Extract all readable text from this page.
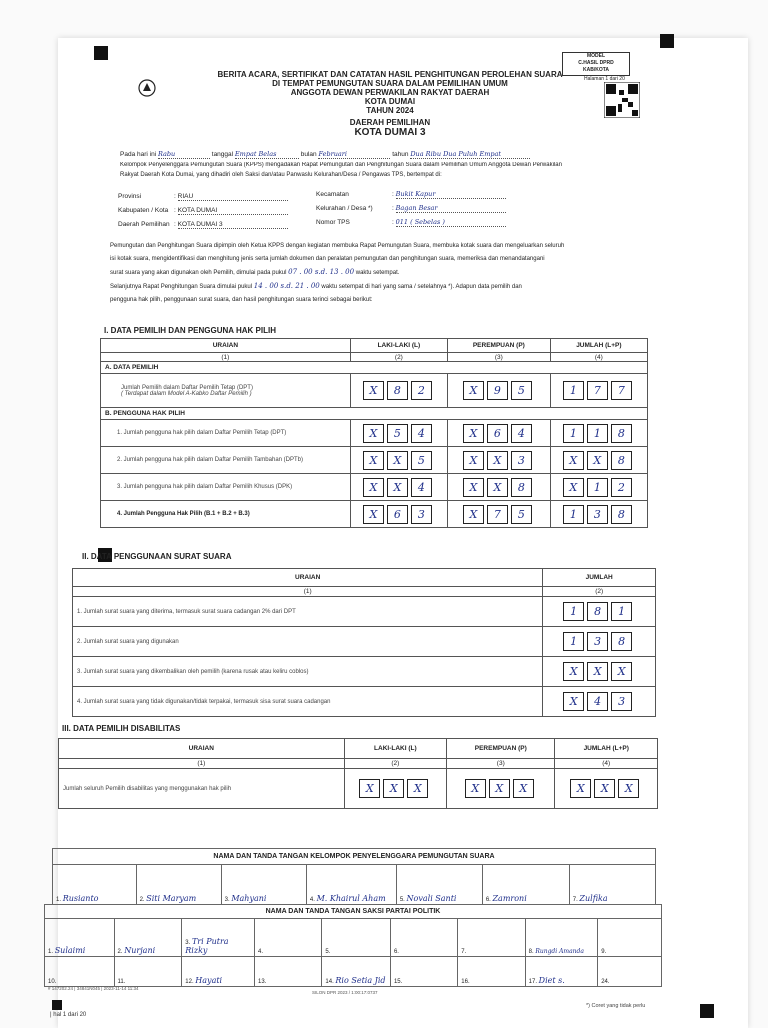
MODEL
C.HASIL DPRD
KAB/KOTA
Halaman 1 dari 20
BERITA ACARA, SERTIFIKAT DAN CATATAN HASIL PENGHITUNGAN PEROLEHAN SUARA
DI TEMPAT PEMUNGUTAN SUARA DALAM PEMILIHAN UMUM
ANGGOTA DEWAN PERWAKILAN RAKYAT DAERAH
KOTA DUMAI
TAHUN 2024
DAERAH PEMILIHAN
KOTA DUMAI 3
Pada hari ini Rabu	tanggal Empat Belas	bulan Februari	tahun Dua Ribu Dua Puluh Empat
Kelompok Penyelenggara Pemungutan Suara (KPPS) mengadakan Rapat Pemungutan dan Penghitungan Suara dalam Pemilihan Umum Anggota Dewan Perwakilan
Rakyat Daerah Kota Dumai, yang dihadiri oleh Saksi dan/atau Panwaslu Kelurahan/Desa / Pengawas TPS, bertempat di:
Provinsi	: RIAU
Kabupaten / Kota : KOTA DUMAI
Daerah Pemilihan : KOTA DUMAI 3
Kecamatan	: Bukit Kapur
Kelurahan / Desa *)	: Bagan Besar
Nomor TPS	: 011 ( Sebelas )
Pemungutan dan Penghitungan Suara dipimpin oleh Ketua KPPS dengan kegiatan membuka Rapat Pemungutan Suara, membuka kotak suara dan mengeluarkan seluruh
isi kotak suara, mengidentifikasi dan menghitung jenis serta jumlah dokumen dan peralatan pemungutan dan penghitungan suara, memeriksa dan menandatangani
surat suara yang akan digunakan oleh Pemilih, dimulai pada pukul 07 . 00 s.d. 13 . 00 waktu setempat.
Selanjutnya Rapat Penghitungan Suara dimulai pukul 14 . 00 s.d. 21 . 00 waktu setempat di hari yang sama / setelahnya *). Adapun data pemilih dan
pengguna hak pilih, penggunaan surat suara, dan hasil penghitungan suara terinci sebagai berikut:
I. DATA PEMILIH DAN PENGGUNA HAK PILIH
URAIAN	LAKI-LAKI (L)	PEREMPUAN (P)	JUMLAH (L+P)
(1)	(2)	(3)	(4)
A. DATA PEMILIH			

Jumlah Pemilih dalam Daftar Pemilih Tetap (DPT)
( Terdapat dalam Model A-Kabko Daftar Pemilih )	X 8 2	X 9 5	1 7 7
B. PENGGUNA HAK PILIH			
1. Jumlah pengguna hak pilih dalam Daftar Pemilih Tetap (DPT)	X 5 4	X 6 4	1 1 8
2. Jumlah pengguna hak pilih dalam Daftar Pemilih Tambahan (DPTb)	X X 5	X X 3	X X 8
3. Jumlah pengguna hak pilih dalam Daftar Pemilih Khusus (DPK)	X X 4	X X 8	X 1 2
4. Jumlah Pengguna Hak Pilih (B.1 + B.2 + B.3)	X 6 3	X 7 5	1 3 8
II. DATA PENGGUNAAN SURAT SUARA
URAIAN	JUMLAH
(1)	(2)
1. Jumlah surat suara yang diterima, termasuk surat suara cadangan 2% dari DPT	1 8 1
2. Jumlah surat suara yang digunakan	1 3 8
3. Jumlah surat suara yang dikembalikan oleh pemilih (karena rusak atau keliru coblos)	X X X
4. Jumlah surat suara yang tidak digunakan/tidak terpakai, termasuk sisa surat suara cadangan	X 4 3
III. DATA PEMILIH DISABILITAS
URAIAN	LAKI-LAKI (L)	PEREMPUAN (P)	JUMLAH (L+P)
(1)	(2)	(3)	(4)
Jumlah seluruh Pemilih disabilitas yang menggunakan hak pilih	X X X	X X X	X X X
NAMA DAN TANDA TANGAN KELOMPOK PENYELENGGARA PEMUNGUTAN SUARA
1. Rusianto	2. Siti Maryam	3. Mahyani	4. M. Khairul Aham	5. Novali Santi	6. Zamroni	7. Zulfika
NAMA DAN TANDA TANGAN SAKSI PARTAI POLITIK								
1. Sulaimi	2. Nurjani	3. Tri Putra Rizky	4.	5.	6.	7.	8. Rungdi Amanda	9.
10.	11.	12. Hayati	13.	14. Rio Setia Jid	15.	16.	17. Diet s.	24.
# 147202.24 | 34841N045 | 2023-11-14 11:34
SILON DPR 2023 / 1:00:17:0737
*) Coret yang tidak perlu
| hal 1 dari 20
